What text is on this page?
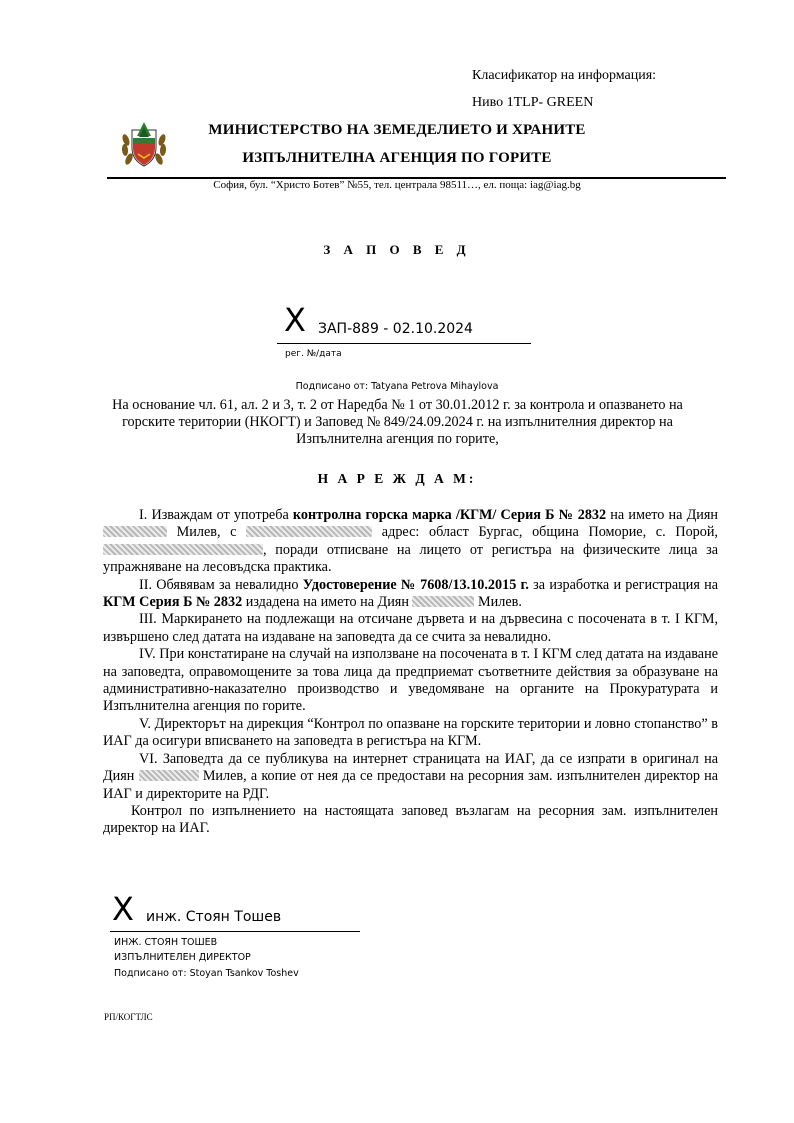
Класификатор на информация:
Ниво 1TLP- GREEN
МИНИСТЕРСТВО НА ЗЕМЕДЕЛИЕТО И ХРАНИТЕ
ИЗПЪЛНИТЕЛНА АГЕНЦИЯ ПО ГОРИТЕ
София, бул. “Христо Ботев” №55, тел. централа 98511…, ел. поща: iag@iag.bg
З А П О В Е Д
X ЗАП-889 - 02.10.2024
рег. №/дата
Подписано от: Tatyana Petrova Mihaylova
На основание чл. 61, ал. 2 и 3, т. 2 от Наредба № 1 от 30.01.2012 г. за контрола и опазването на горските територии (НКОГТ) и Заповед № 849/24.09.2024 г. на изпълнителния директор на Изпълнителна агенция по горите,
Н А Р Е Ж Д А М:

I. Изваждам от употреба контролна горска марка /КГМ/ Серия Б № 2832 на името на Диян  Милев, с	адрес: област Бургас, община Поморие, с. Порой, , поради отписване на лицето от регистъра на физическите лица за упражняване на лесовъдска практика.

II. Обявявам за невалидно Удостоверение № 7608/13.10.2015 г. за изработка и регистрация на КГМ Серия Б № 2832 издадена на името на Диян	Милев.

III. Маркирането на подлежащи на отсичане дървета и на дървесина с посочената в т. I КГМ, извършено след датата на издаване на заповедта да се счита за невалидно.

IV. При констатиране на случай на използване на посочената в т. I КГМ след датата на издаване на заповедта, оправомощените за това лица да предприемат съответните действия за образуване на административно-наказателно производство и уведомяване на органите на Прокуратурата и Изпълнителна агенция по горите.

V. Директорът на дирекция “Контрол по опазване на горските територии и ловно стопанство” в ИАГ да осигури вписването на заповедта в регистъра на КГМ.

VI. Заповедта да се публикува на интернет страницата на ИАГ, да се изпрати в оригинал на Диян	Милев, а копие от нея да се предостави на ресорния зам. изпълнителен директор на ИАГ и директорите на РДГ.

Контрол по изпълнението на настоящата заповед възлагам на ресорния зам. изпълнителен директор на ИАГ.

X инж. Стоян Тошев
ИНЖ. СТОЯН ТОШЕВ
ИЗПЪЛНИТЕЛЕН ДИРЕКТОР
Подписано от: Stoyan Tsankov Toshev
РП/КОГТЛС
